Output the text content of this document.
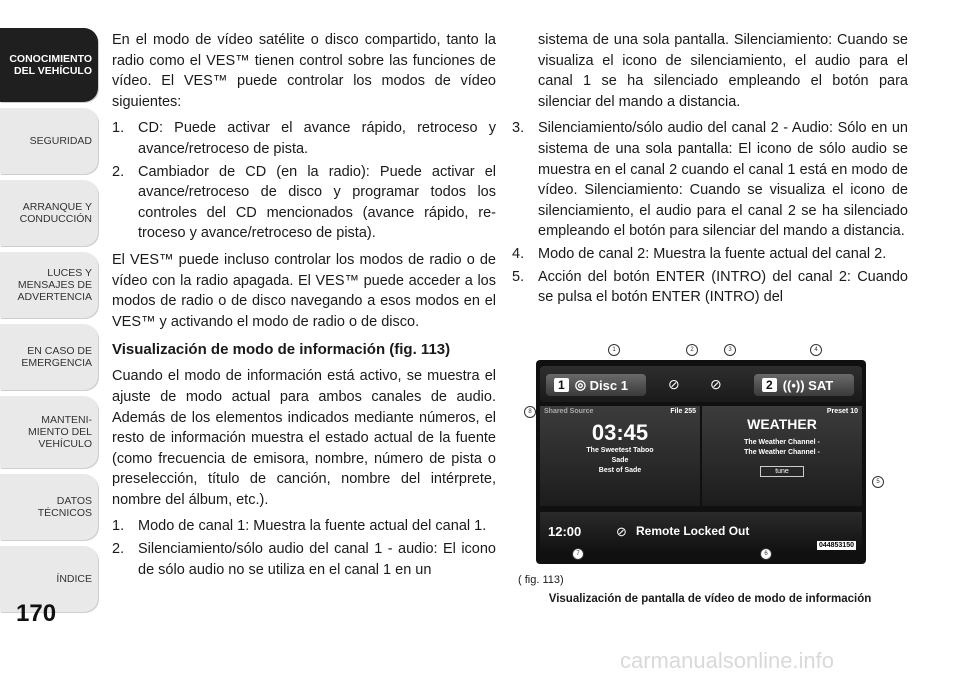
CONOCIMIENTO
DEL VEHÍCULO
SEGURIDAD
ARRANQUE Y
CONDUCCIÓN
LUCES Y
MENSAJES DE
ADVERTENCIA
EN CASO DE
EMERGENCIA
MANTENI-
MIENTO DEL
VEHÍCULO
DATOS
TÉCNICOS
ÍNDICE
170

En el modo de vídeo satélite o disco compartido, tanto la radio como el VES™ tienen control sobre las funciones de vídeo. El VES™ puede controlar los modos de vídeo siguientes:

1. CD: Puede activar el avance rápido, retroceso y avance/retroceso de pista.
2. Cambiador de CD (en la radio): Puede activar el avance/retroceso de disco y programar todos los controles del CD mencionados (avance rápido, retroceso y avance/retroceso de pista).

El VES™ puede incluso controlar los modos de radio o de vídeo con la radio apagada. El VES™ puede acceder a los modos de radio o de disco navegando a esos modos en el VES™ y activando el modo de radio o de disco.

Visualización de modo de información (fig. 113)

Cuando el modo de información está activo, se muestra el ajuste de modo actual para ambos canales de audio. Además de los elementos indicados mediante números, el resto de información muestra el estado actual de la fuente (como frecuencia de emisora, nombre, número de pista o preselección, título de canción, nombre del intérprete, nombre del álbum, etc.).

1. Modo de canal 1: Muestra la fuente actual del canal 1.
2. Silenciamiento/sólo audio del canal 1 - audio: El icono de sólo audio no se utiliza en el canal 1 en un

sistema de una sola pantalla. Silenciamiento: Cuando se visualiza el icono de silenciamiento, el audio para el canal 1 se ha silenciado empleando el botón para silenciar del mando a distancia.

3. Silenciamiento/sólo audio del canal 2 - Audio: Sólo en un sistema de una sola pantalla: El icono de sólo audio se muestra en el canal 2 cuando el canal 1 está en modo de vídeo. Silenciamiento: Cuando se visualiza el icono de silenciamiento, el audio para el canal 2 se ha silenciado empleando el botón para silenciar del mando a distancia.
4. Modo de canal 2: Muestra la fuente actual del canal 2.
5. Acción del botón ENTER (INTRO) del canal 2: Cuando se pulsa el botón ENTER (INTRO) del
1 ◎ Disc 1	⊘ ⊘	2 ((•)) SAT
Shared Source	File 255
03:45
The Sweetest Taboo
Sade
Best of Sade
Preset 10
WEATHER
The Weather Channel -
The Weather Channel -
tune
12:00	⊘ Remote Locked Out
044853150
1	2	3	4
5
6
7
8
( fig. 113)
Visualización de pantalla de vídeo de modo de información
carmanualsonline.info
